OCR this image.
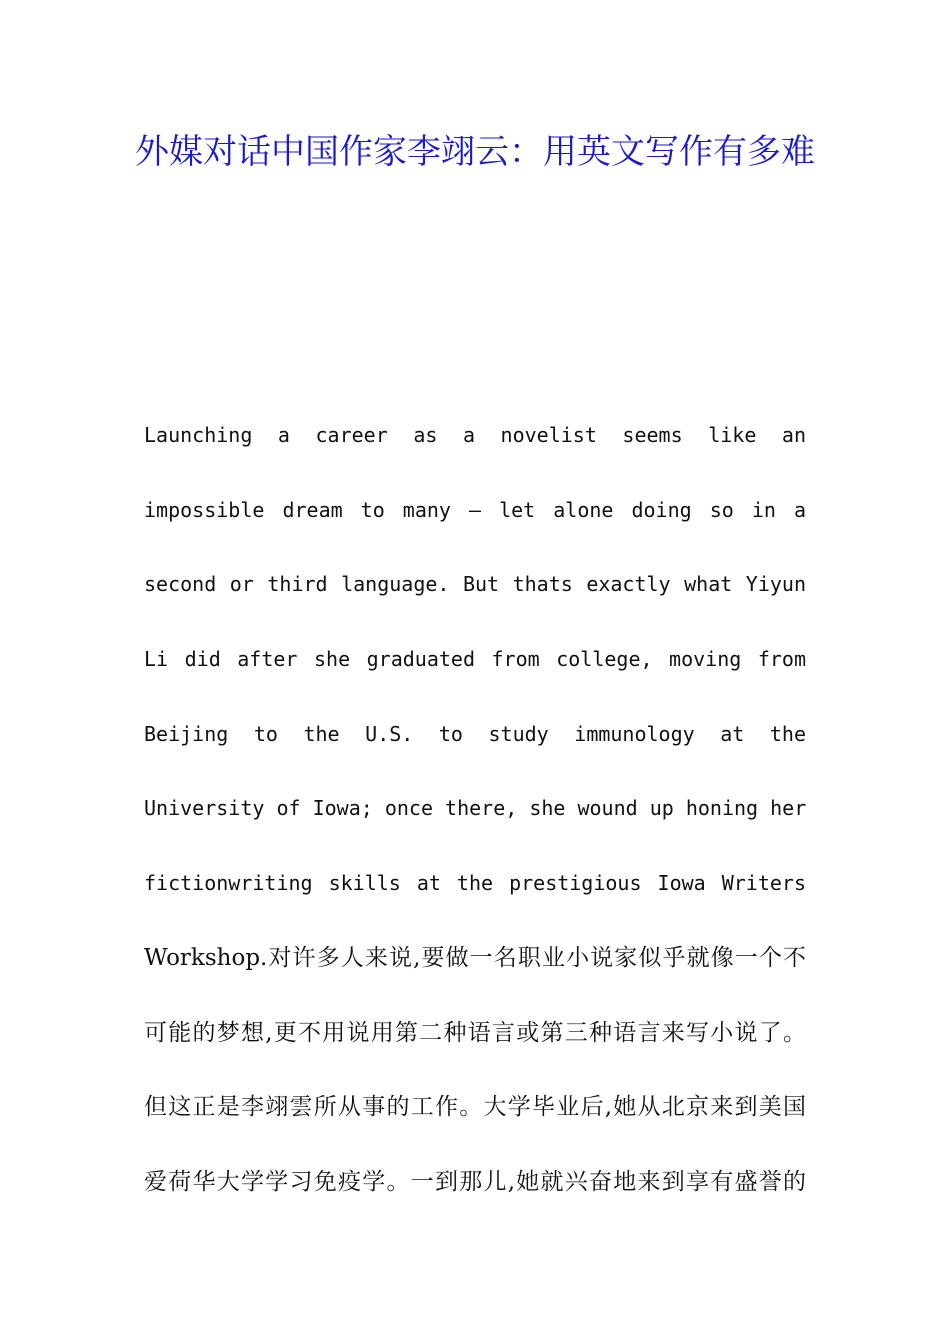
外媒对话中国作家李翊云：用英文写作有多难
Launching a career as a novelist seems like an
impossible dream to many — let alone doing so in a
second or third language. But thats exactly what Yiyun
Li did after she graduated from college, moving from
Beijing to the U.S. to study immunology at the
University of Iowa; once there, she wound up honing her
fictionwriting skills at the prestigious Iowa Writers
Workshop.对许多人来说,要做一名职业小说家似乎就像一个不
可能的梦想,更不用说用第二种语言或第三种语言来写小说了。
但这正是李翊雲所从事的工作。大学毕业后,她从北京来到美国
爱荷华大学学习免疫学。一到那儿,她就兴奋地来到享有盛誉的
